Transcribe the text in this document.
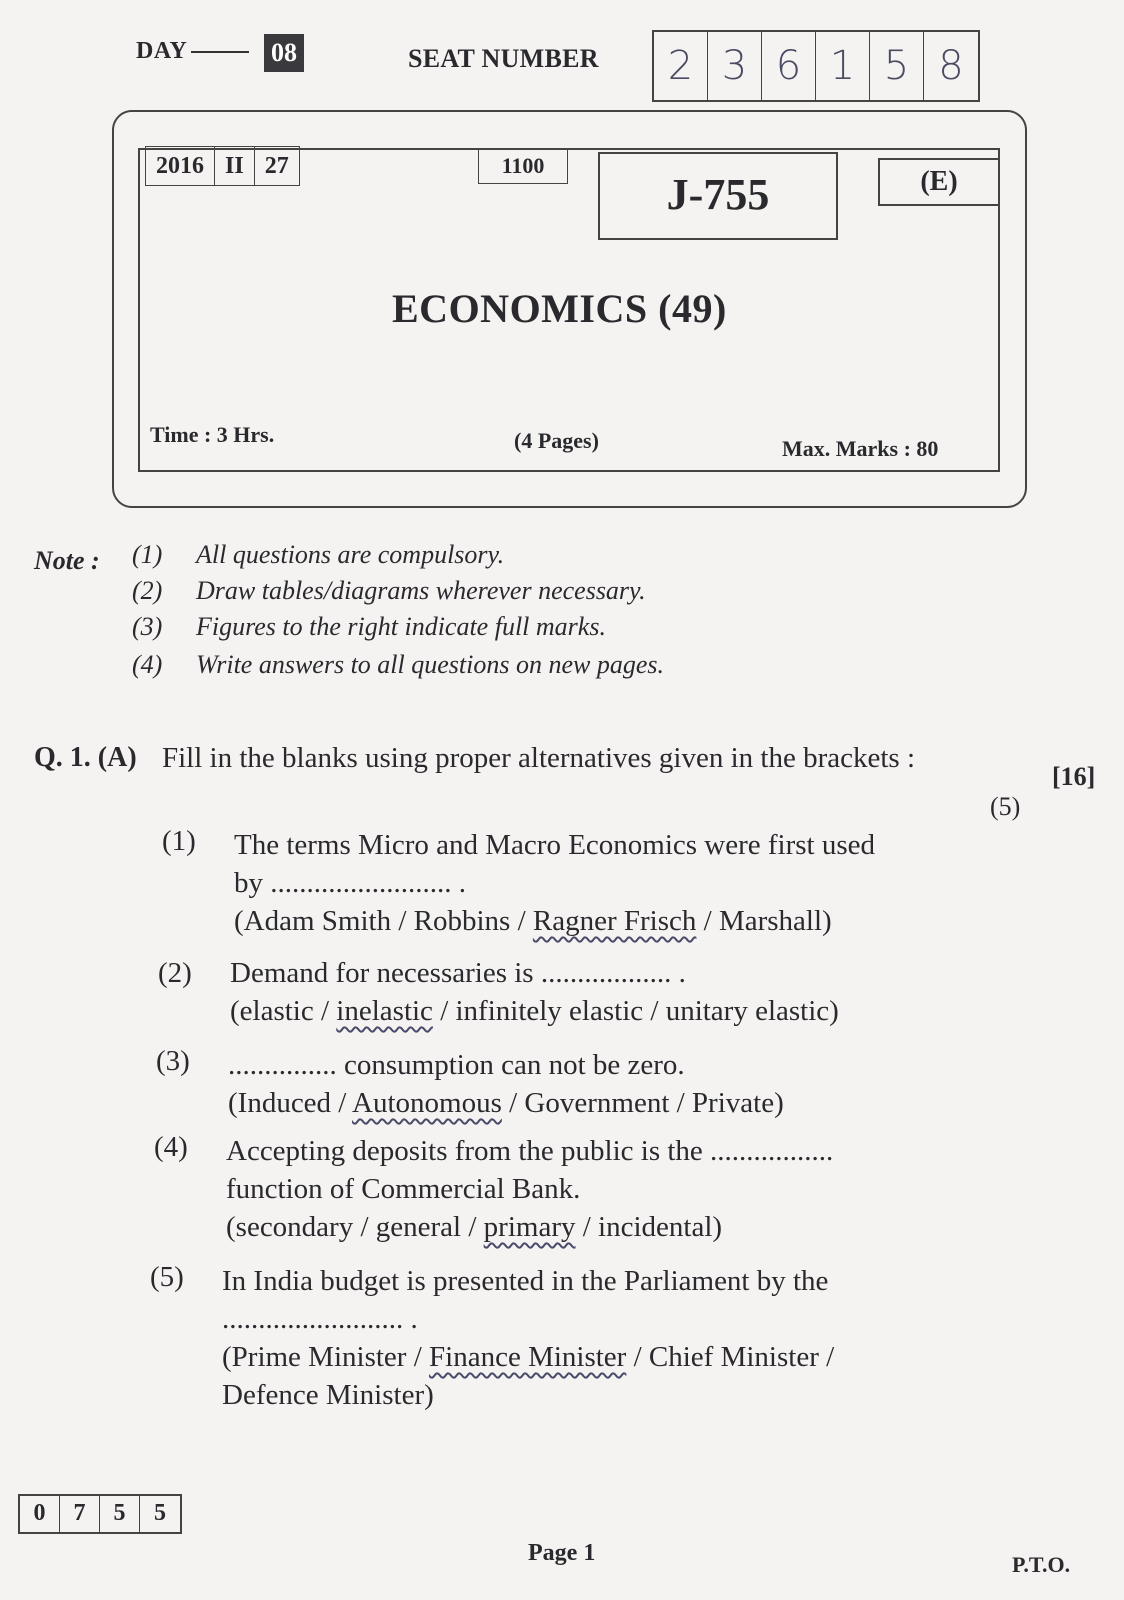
DAY	08	SEAT NUMBER	2 3 6 1 5 8
2016 II 27	1100
J-755	(E)
ECONOMICS (49)
Time : 3 Hrs.	(4 Pages)	Max. Marks : 80
Note : (1) All questions are compulsory.
(2) Draw tables/diagrams wherever necessary.
(3) Figures to the right indicate full marks.
(4) Write answers to all questions on new pages.
Q. 1. (A) Fill in the blanks using proper alternatives given in the brackets :
[16]
(5)
(1)	The terms Micro and Macro Economics were first used
by ......................... .
(Adam Smith / Robbins / Ragner Frisch / Marshall)
(2)	Demand for necessaries is .................. .
(elastic / inelastic / infinitely elastic / unitary elastic)
(3)	............... consumption can not be zero.
(Induced / Autonomous / Government / Private)
(4)	Accepting deposits from the public is the .................
function of Commercial Bank.
(secondary / general / primary / incidental)
(5)	In India budget is presented in the Parliament by the
......................... .
(Prime Minister / Finance Minister / Chief Minister /
Defence Minister)
0	7	5	5
Page 1	P.T.O.
